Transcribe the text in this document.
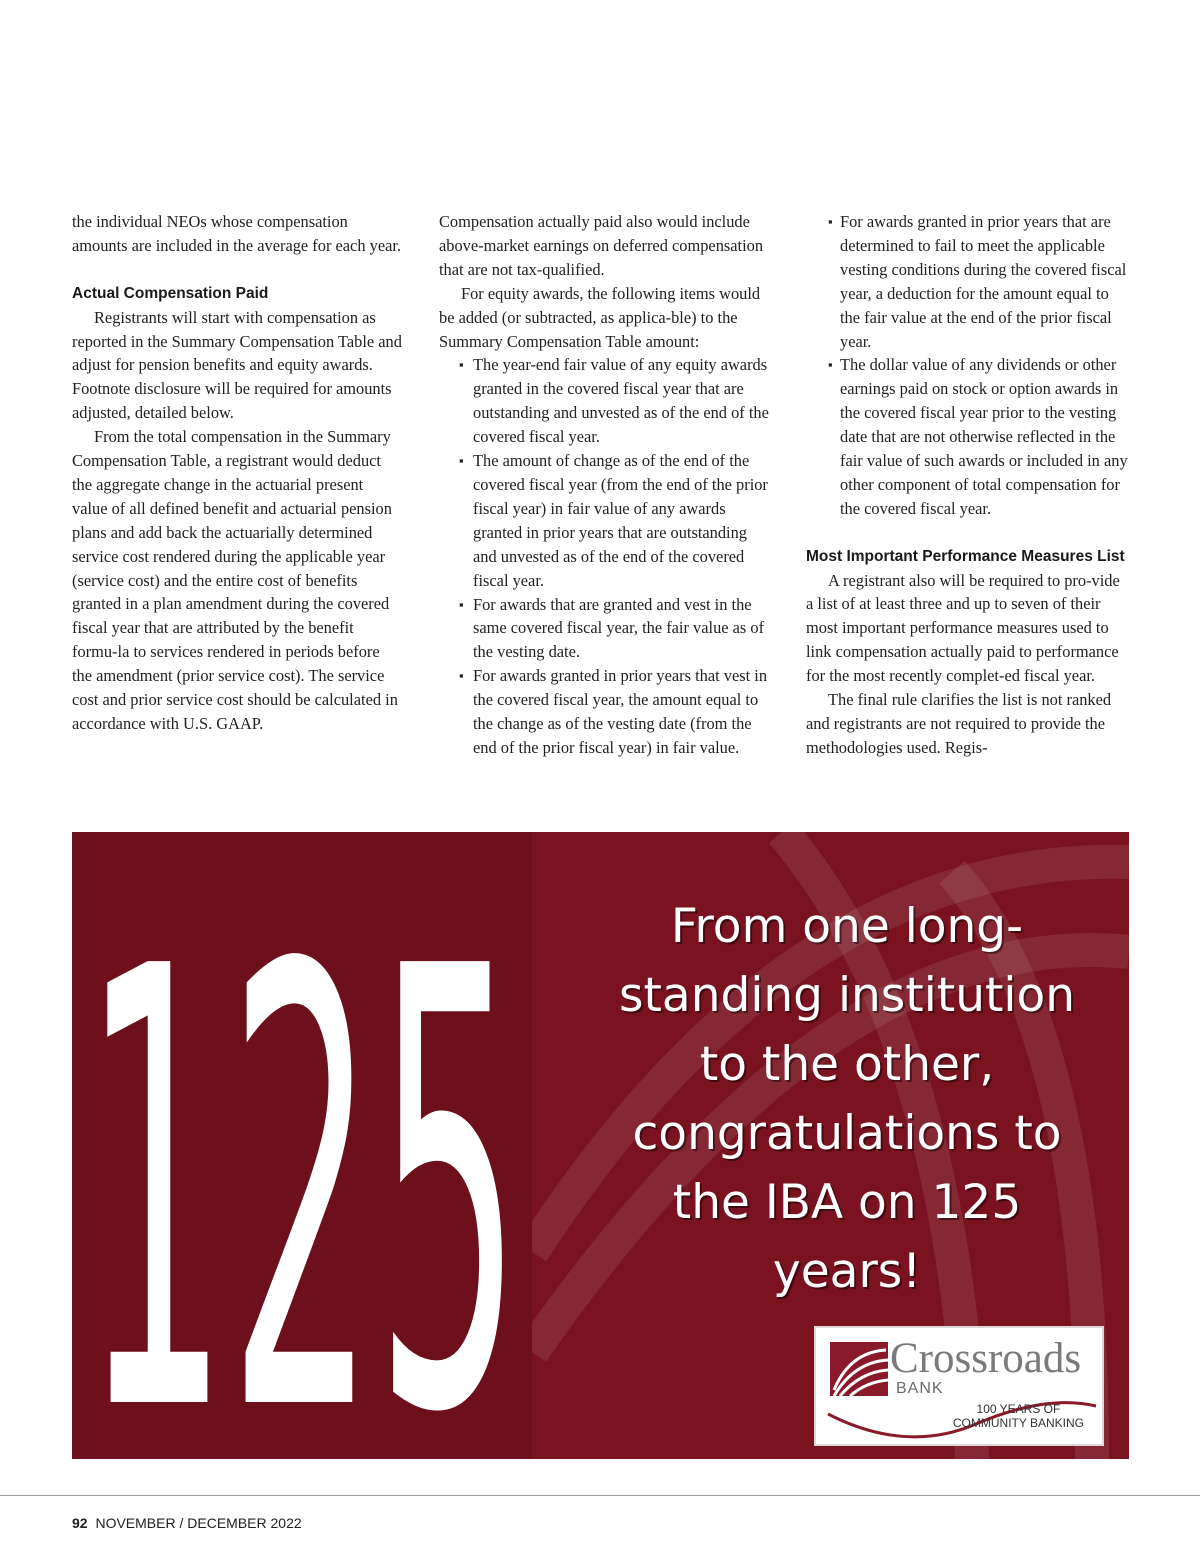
the individual NEOs whose compensation amounts are included in the average for each year.

Actual Compensation Paid

Registrants will start with compensation as reported in the Summary Compensation Table and adjust for pension benefits and equity awards. Footnote disclosure will be required for amounts adjusted, detailed below.

From the total compensation in the Summary Compensation Table, a registrant would deduct the aggregate change in the actuarial present value of all defined benefit and actuarial pension plans and add back the actuarially determined service cost rendered during the applicable year (service cost) and the entire cost of benefits granted in a plan amendment during the covered fiscal year that are attributed by the benefit formu-la to services rendered in periods before the amendment (prior service cost). The service cost and prior service cost should be calculated in accordance with U.S. GAAP.

Compensation actually paid also would include above-market earnings on deferred compensation that are not tax-qualified.

For equity awards, the following items would be added (or subtracted, as applica-ble) to the Summary Compensation Table amount:

▪ The year-end fair value of any equity awards granted in the covered fiscal year that are outstanding and unvested as of the end of the covered fiscal year.
▪ The amount of change as of the end of the covered fiscal year (from the end of the prior fiscal year) in fair value of any awards granted in prior years that are outstanding and unvested as of the end of the covered fiscal year.
▪ For awards that are granted and vest in the same covered fiscal year, the fair value as of the vesting date.
▪ For awards granted in prior years that vest in the covered fiscal year, the amount equal to the change as of the vesting date (from the end of the prior fiscal year) in fair value.
▪ For awards granted in prior years that are determined to fail to meet the applicable vesting conditions during the covered fiscal year, a deduction for the amount equal to the fair value at the end of the prior fiscal year.
▪ The dollar value of any dividends or other earnings paid on stock or option awards in the covered fiscal year prior to the vesting date that are not otherwise reflected in the fair value of such awards or included in any other component of total compensation for the covered fiscal year.
Most Important Performance Measures List

A registrant also will be required to pro-vide a list of at least three and up to seven of their most important performance measures used to link compensation actually paid to performance for the most recently complet-ed fiscal year.

The final rule clarifies the list is not ranked and registrants are not required to provide the methodologies used. Regis-

125	From one long-standing institution to the other, congratulations to the IBA on 125 years!
Crossroads
BANK
100 YEARS OF
COMMUNITY BANKING
92 NOVEMBER / DECEMBER 2022
